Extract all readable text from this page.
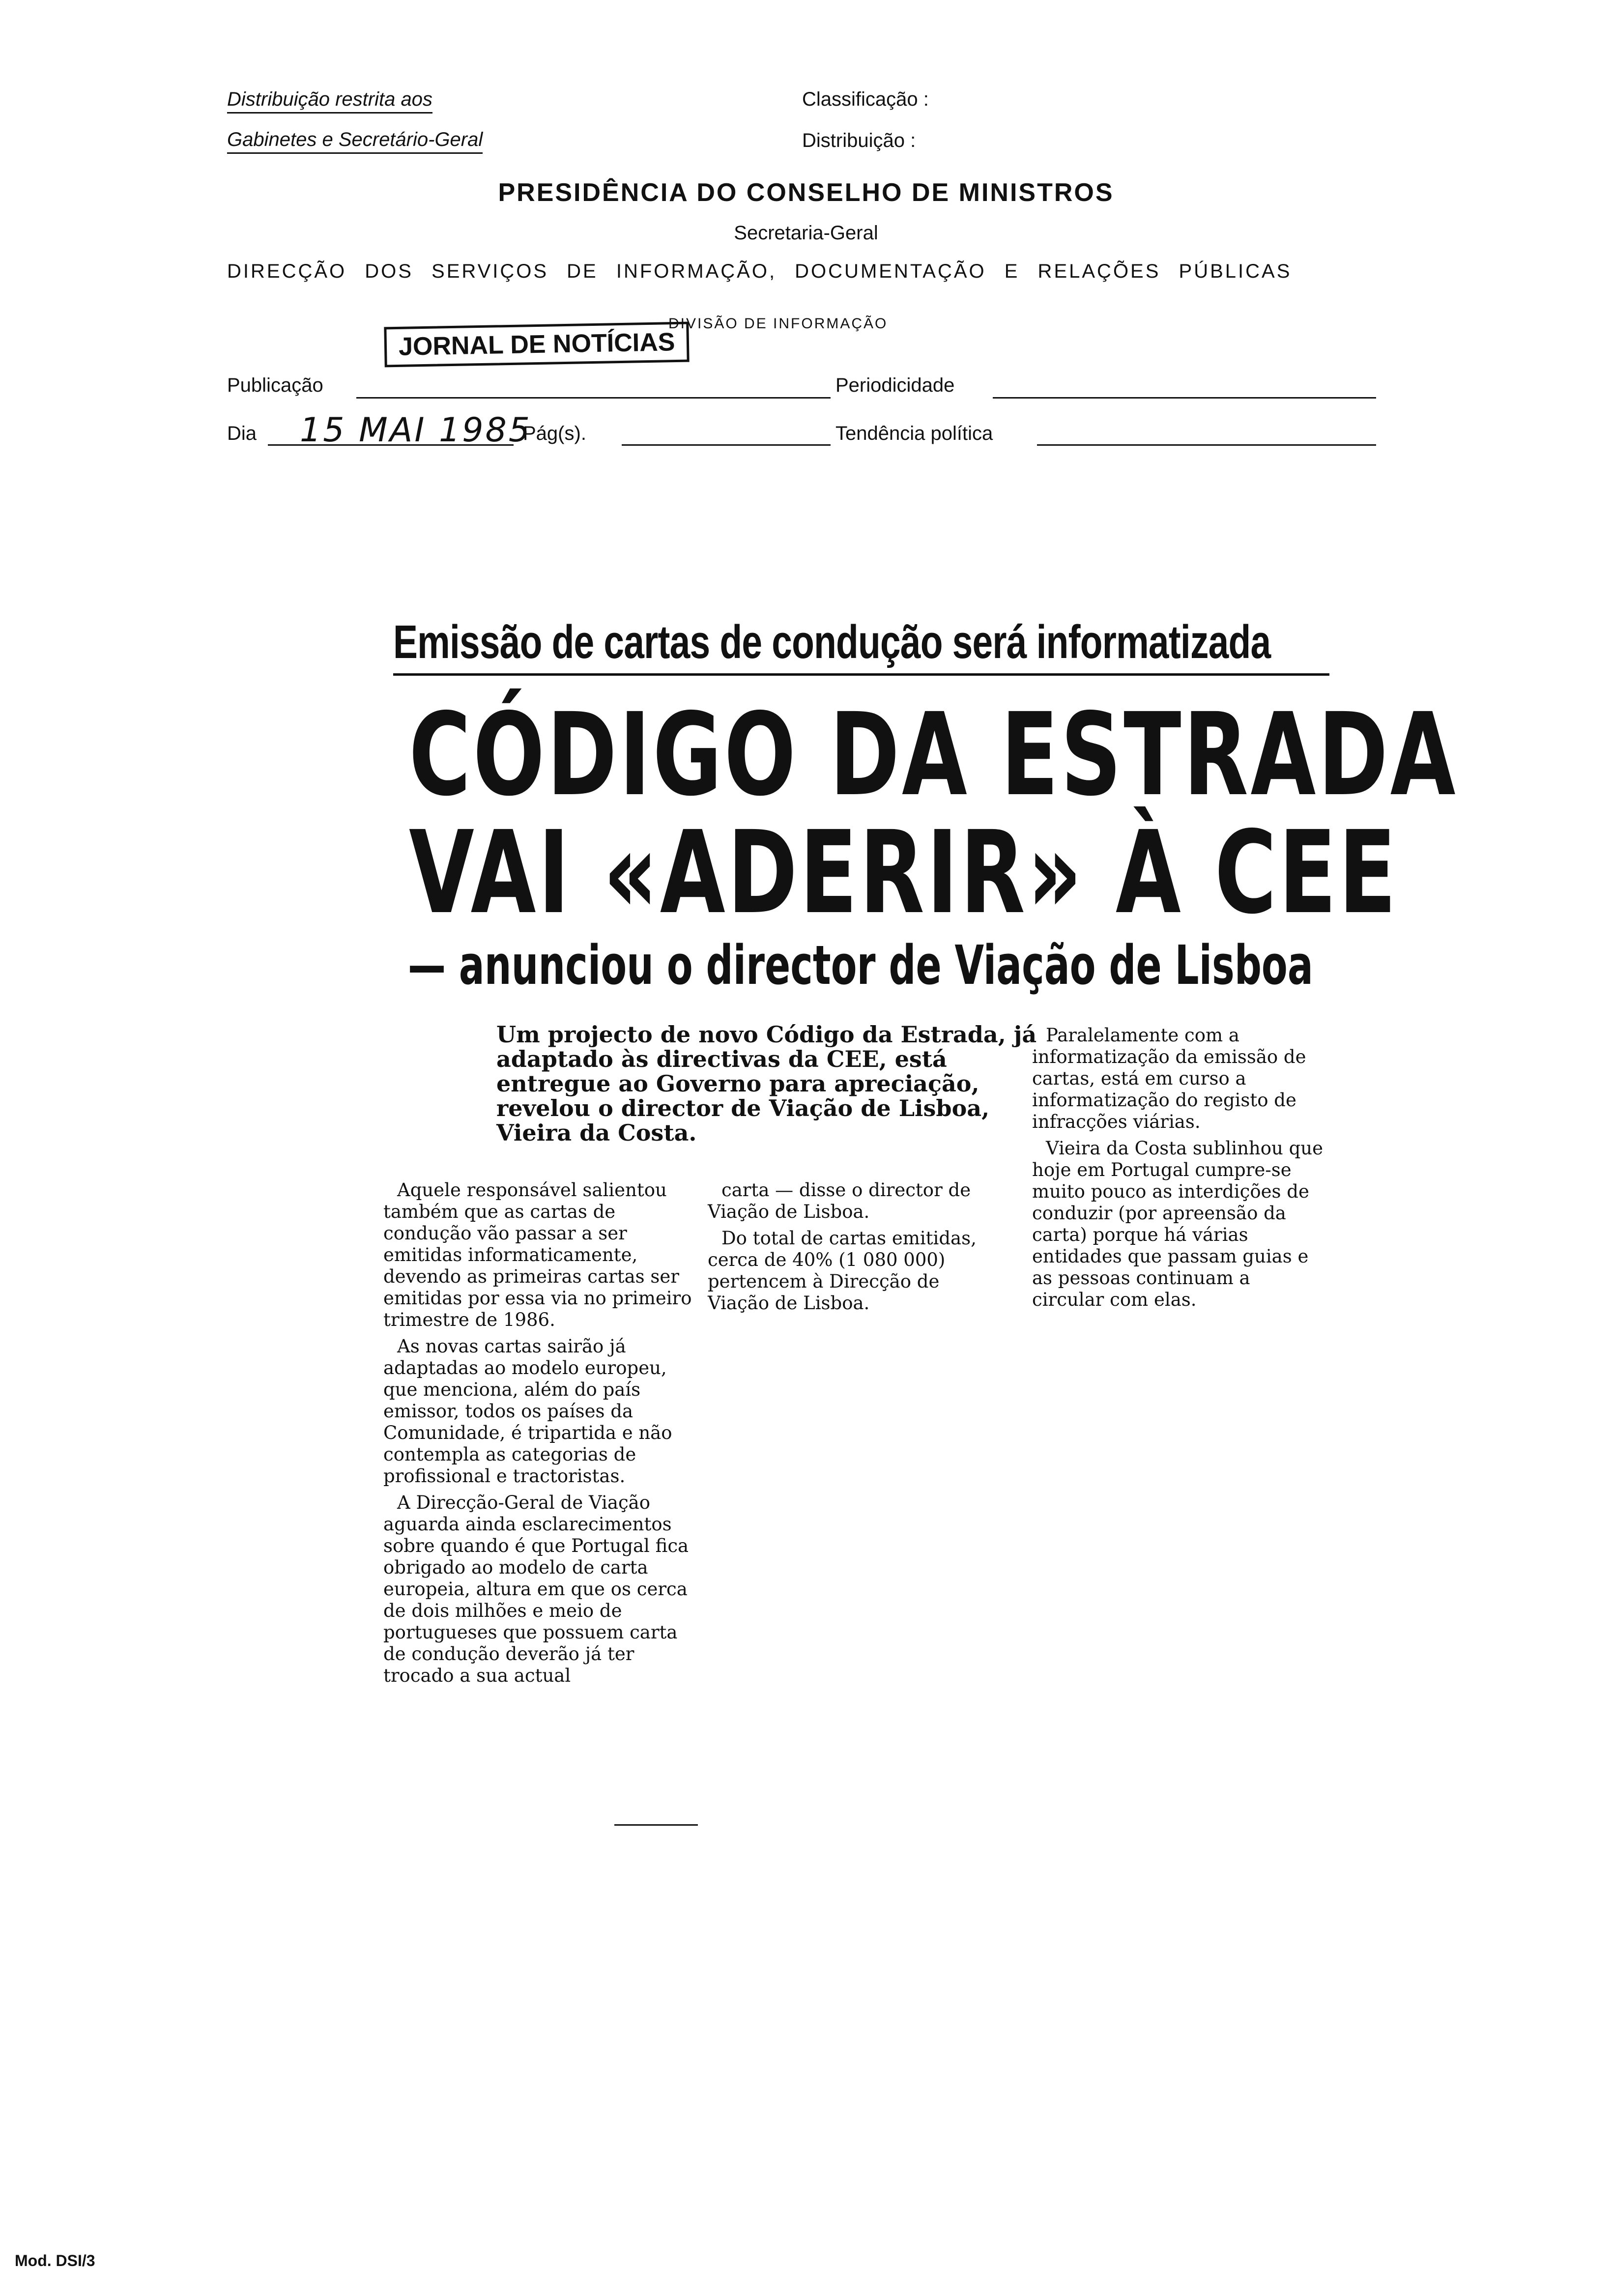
Distribuição restrita aos
Gabinetes e Secretário-Geral
Classificação :
Distribuição :
PRESIDÊNCIA DO CONSELHO DE MINISTROS
Secretaria-Geral
DIRECÇÃO DOS SERVIÇOS DE INFORMAÇÃO, DOCUMENTAÇÃO E RELAÇÕES PÚBLICAS
DIVISÃO DE INFORMAÇÃO
JORNAL DE NOTÍCIAS
Publicação	Periodicidade
Dia 15 MAI 1985
Pág(s).	Tendência política
Emissão de cartas de condução será informatizada
CÓDIGO DA ESTRADA
VAI «ADERIR» À CEE
— anunciou o director de Viação de Lisboa
Um projecto de novo Código da Estrada, já adaptado às directivas da CEE, está entregue ao Governo para apreciação, revelou o director de Viação de Lisboa, Vieira da Costa.

Aquele responsável salientou também que as cartas de condução vão passar a ser emitidas informaticamente, devendo as primeiras cartas ser emitidas por essa via no primeiro trimestre de 1986.

As novas cartas sairão já adaptadas ao modelo europeu, que menciona, além do país emissor, todos os países da Comunidade, é tripartida e não contempla as categorias de profissional e tractoristas.

A Direcção-Geral de Viação aguarda ainda esclarecimentos sobre quando é que Portugal fica obrigado ao modelo de carta europeia, altura em que os cerca de dois milhões e meio de portugueses que possuem carta de condução deverão já ter trocado a sua actual

carta — disse o director de Viação de Lisboa.

Do total de cartas emitidas, cerca de 40% (1 080 000) pertencem à Direcção de Viação de Lisboa.

Paralelamente com a informatização da emissão de cartas, está em curso a informatização do registo de infracções viárias.

Vieira da Costa sublinhou que hoje em Portugal cumpre-se muito pouco as interdições de conduzir (por apreensão da carta) porque há várias entidades que passam guias e as pessoas continuam a circular com elas.

Mod. DSI/3
